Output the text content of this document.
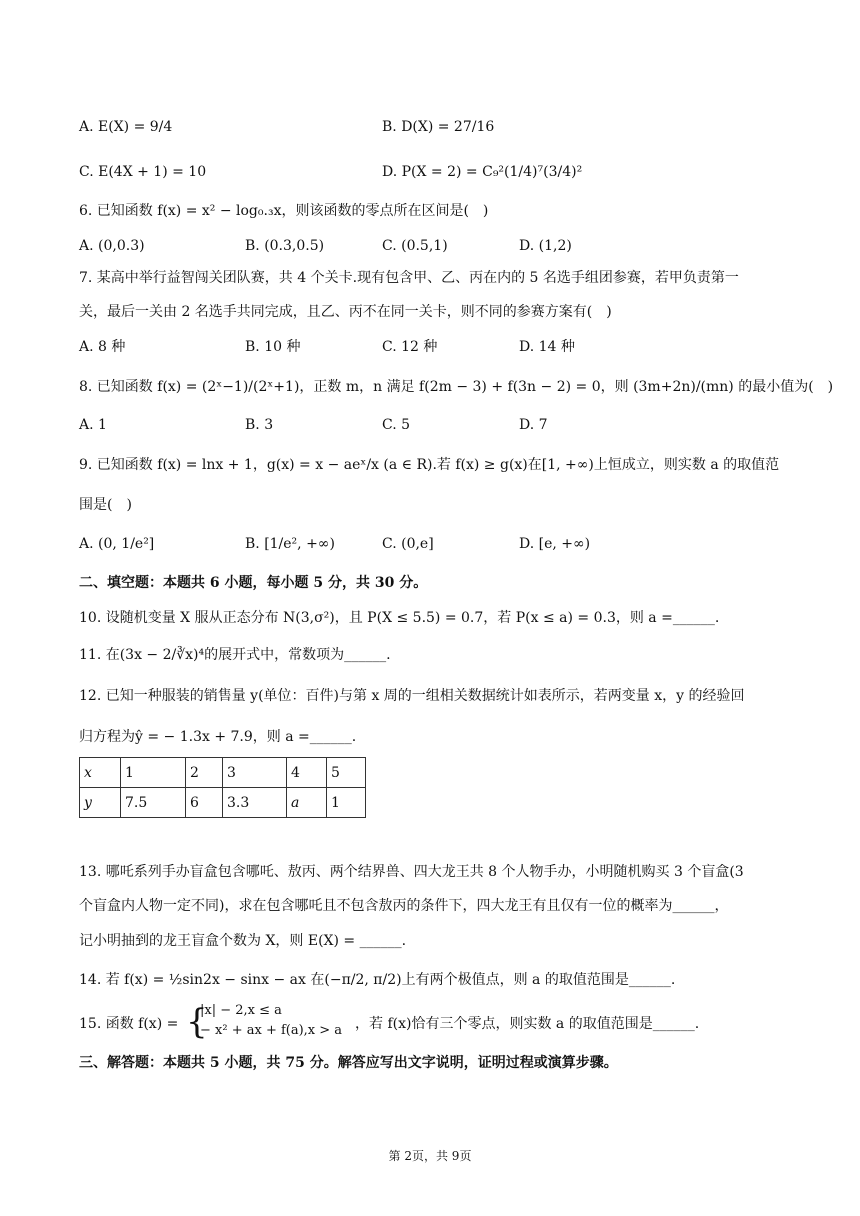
A. E(X) = 9/4	B. D(X) = 27/16
C. E(4X + 1) = 10	D. P(X = 2) = C₉²(1/4)⁷(3/4)²
6. 已知函数 f(x) = x² − log₀.₃x，则该函数的零点所在区间是(　)
A. (0,0.3)	B. (0.3,0.5)	C. (0.5,1)	D. (1,2)
7. 某高中举行益智闯关团队赛，共 4 个关卡.现有包含甲、乙、丙在内的 5 名选手组团参赛，若甲负责第一
关，最后一关由 2 名选手共同完成，且乙、丙不在同一关卡，则不同的参赛方案有(　)
A. 8 种	B. 10 种	C. 12 种	D. 14 种
8. 已知函数 f(x) = (2ˣ−1)/(2ˣ+1)，正数 m，n 满足 f(2m − 3) + f(3n − 2) = 0，则 (3m+2n)/(mn) 的最小值为(　)
A. 1	B. 3	C. 5	D. 7
9. 已知函数 f(x) = lnx + 1，g(x) = x − aeˣ/x (a ∈ R).若 f(x) ≥ g(x)在[1, +∞)上恒成立，则实数 a 的取值范
围是(　)
A. (0, 1/e²]	B. [1/e², +∞)	C. (0,e]	D. [e, +∞)
二、填空题：本题共 6 小题，每小题 5 分，共 30 分。
10. 设随机变量 X 服从正态分布 N(3,σ²)，且 P(X ≤ 5.5) = 0.7，若 P(x ≤ a) = 0.3，则 a =______.
11. 在(3x − 2/∛x)⁴的展开式中，常数项为______.
12. 已知一种服装的销售量 y(单位：百件)与第 x 周的一组相关数据统计如表所示，若两变量 x，y 的经验回
归方程为ŷ = − 1.3x + 7.9，则 a =______.
x	1	2	3	4	5
y	7.5	6	3.3	a	1
13. 哪吒系列手办盲盒包含哪吒、敖丙、两个结界兽、四大龙王共 8 个人物手办，小明随机购买 3 个盲盒(3
个盲盒内人物一定不同)，求在包含哪吒且不包含敖丙的条件下，四大龙王有且仅有一位的概率为______，
记小明抽到的龙王盲盒个数为 X，则 E(X) = ______.
14. 若 f(x) = ½sin2x − sinx − ax 在(−π/2, π/2)上有两个极值点，则 a 的取值范围是______.
15. 函数 f(x) = {
|x| − 2,x ≤ a
− x² + ax + f(a),x > a ，若 f(x)恰有三个零点，则实数 a 的取值范围是______.
三、解答题：本题共 5 小题，共 75 分。解答应写出文字说明，证明过程或演算步骤。
第 2页，共 9页
